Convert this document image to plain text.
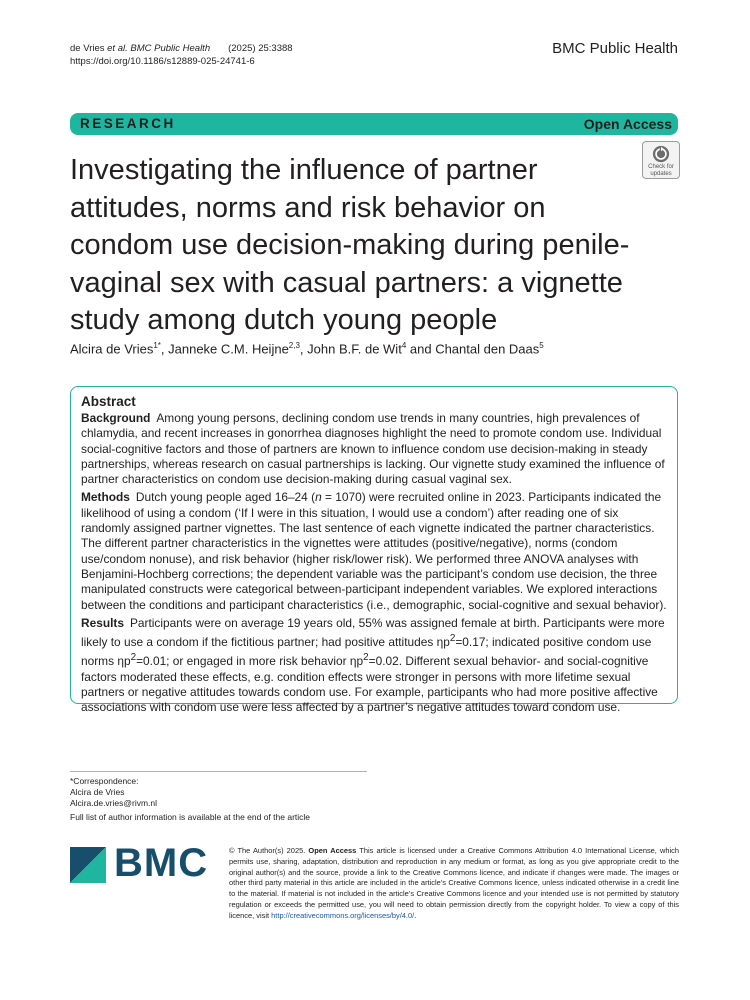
de Vries et al. BMC Public Health (2025) 25:3388
https://doi.org/10.1186/s12889-025-24741-6
BMC Public Health
RESEARCH	Open Access
Check for
updates
Investigating the influence of partner attitudes, norms and risk behavior on condom use decision-making during penile-vaginal sex with casual partners: a vignette study among dutch young people
Alcira de Vries$^{1*}$, Janneke C.M. Heijne$^{2,3}$, John B.F. de Wit$^4$ and Chantal den Daas$^5$
Abstract

Background Among young persons, declining condom use trends in many countries, high prevalences of chlamydia, and recent increases in gonorrhea diagnoses highlight the need to promote condom use. Individual social-cognitive factors and those of partners are known to influence condom use decision-making in steady partnerships, whereas research on casual partnerships is lacking. Our vignette study examined the influence of partner characteristics on condom use decision-making during casual vaginal sex.

Methods Dutch young people aged 16–24 (n = 1070) were recruited online in 2023. Participants indicated the likelihood of using a condom (‘If I were in this situation, I would use a condom’) after reading one of six randomly assigned partner vignettes. The last sentence of each vignette indicated the partner characteristics. The different partner characteristics in the vignettes were attitudes (positive/negative), norms (condom use/condom nonuse), and risk behavior (higher risk/lower risk). We performed three ANOVA analyses with Benjamini-Hochberg corrections; the dependent variable was the participant’s condom use decision, the three manipulated constructs were categorical between-participant independent variables. We explored interactions between the conditions and participant characteristics (i.e., demographic, social-cognitive and sexual behavior).

Results Participants were on average 19 years old, 55% was assigned female at birth. Participants were more likely to use a condom if the fictitious partner; had positive attitudes $\eta p^2=0.17$; indicated positive condom use norms $\eta p^2=0.01$; or engaged in more risk behavior $\eta p^2=0.02$. Different sexual behavior- and social-cognitive factors moderated these effects, e.g. condition effects were stronger in persons with more lifetime sexual partners or negative attitudes towards condom use. For example, participants who had more positive affective associations with condom use were less affected by a partner’s negative attitudes toward condom use.

*Correspondence:
Alcira de Vries
Alcira.de.vries@rivm.nl
Full list of author information is available at the end of the article
BMC	© The Author(s) 2025. Open Access This article is licensed under a Creative Commons Attribution 4.0 International License, which permits use, sharing, adaptation, distribution and reproduction in any medium or format, as long as you give appropriate credit to the original author(s) and the source, provide a link to the Creative Commons licence, and indicate if changes were made. The images or other third party material in this article are included in the article’s Creative Commons licence, unless indicated otherwise in a credit line to the material. If material is not included in the article’s Creative Commons licence and your intended use is not permitted by statutory regulation or exceeds the permitted use, you will need to obtain permission directly from the copyright holder. To view a copy of this licence, visit http://creativecommons.org/licenses/by/4.0/.
